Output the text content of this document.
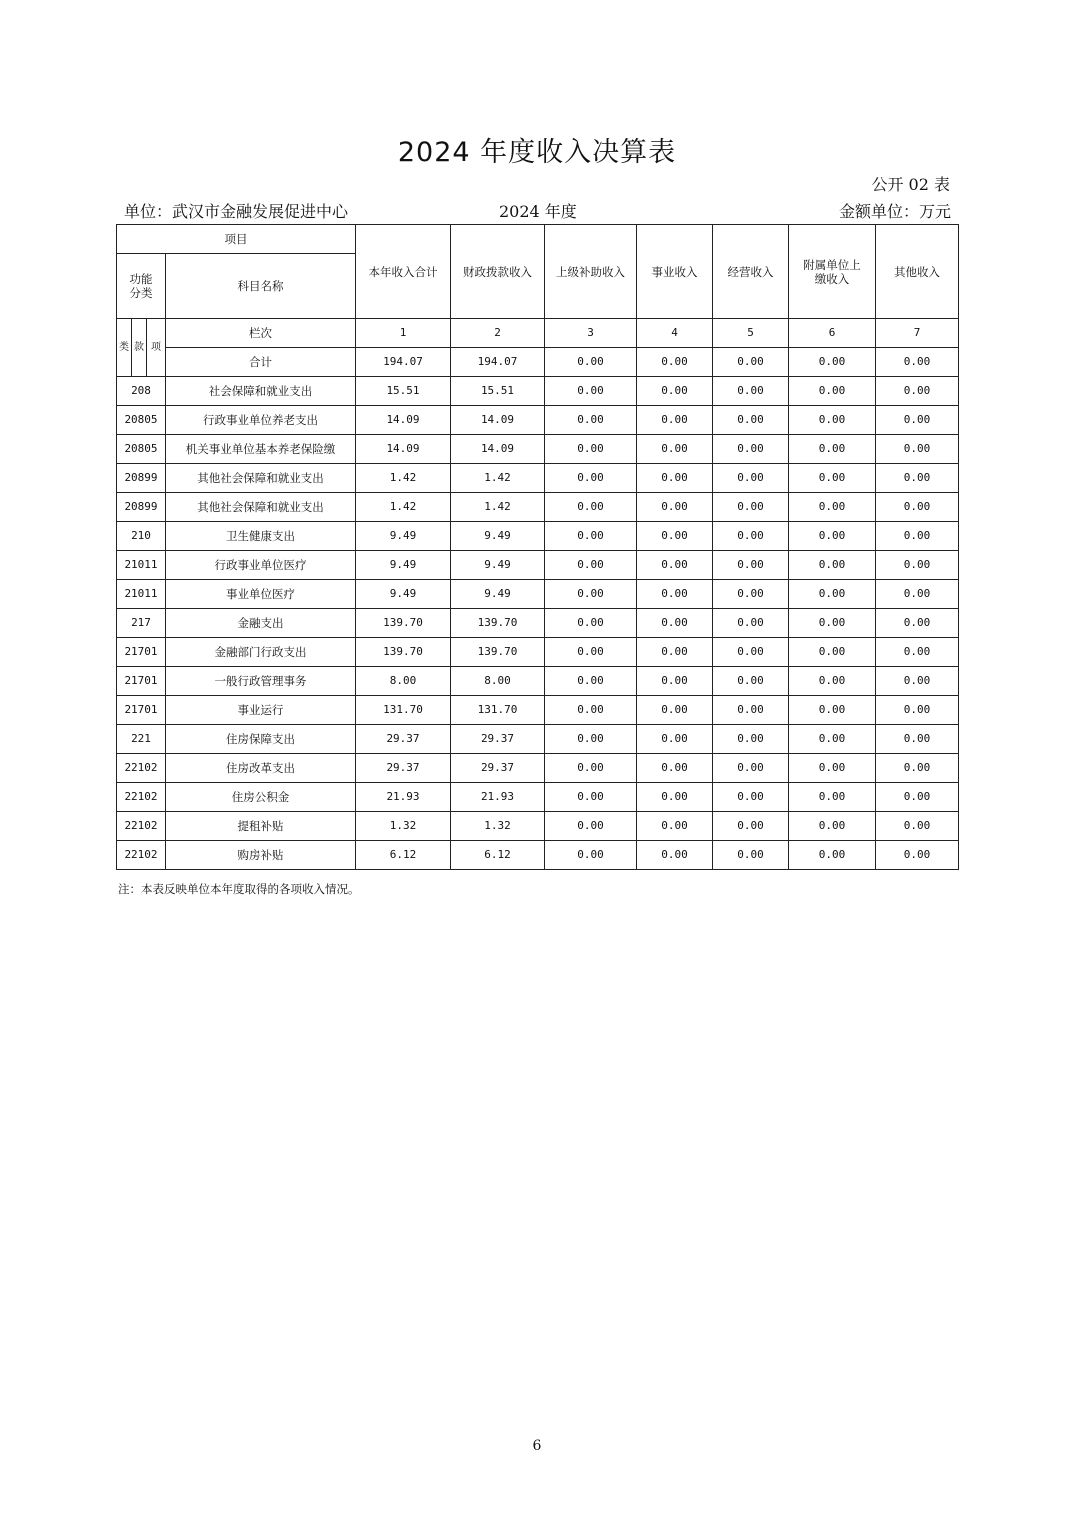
2024 年度收入决算表
公开 02 表
单位：武汉市金融发展促进中心	2024 年度	金额单位：万元
项目				本年收入合计	财政拨款收入	上级补助收入	事业收入	经营收入	附属单位上
缴收入	其他收入

功能
分类			科目名称							
类	款	项	栏次	1	2	3	4	5	6	7
			合计	194.07	194.07	0.00	0.00	0.00	0.00	0.00
208			社会保障和就业支出	15.51	15.51	0.00	0.00	0.00	0.00	0.00
20805			行政事业单位养老支出	14.09	14.09	0.00	0.00	0.00	0.00	0.00
20805			机关事业单位基本养老保险缴	14.09	14.09	0.00	0.00	0.00	0.00	0.00
20899			其他社会保障和就业支出	1.42	1.42	0.00	0.00	0.00	0.00	0.00
20899			其他社会保障和就业支出	1.42	1.42	0.00	0.00	0.00	0.00	0.00
210			卫生健康支出	9.49	9.49	0.00	0.00	0.00	0.00	0.00
21011			行政事业单位医疗	9.49	9.49	0.00	0.00	0.00	0.00	0.00
21011			事业单位医疗	9.49	9.49	0.00	0.00	0.00	0.00	0.00
217			金融支出	139.70	139.70	0.00	0.00	0.00	0.00	0.00
21701			金融部门行政支出	139.70	139.70	0.00	0.00	0.00	0.00	0.00
21701			一般行政管理事务	8.00	8.00	0.00	0.00	0.00	0.00	0.00
21701			事业运行	131.70	131.70	0.00	0.00	0.00	0.00	0.00
221			住房保障支出	29.37	29.37	0.00	0.00	0.00	0.00	0.00
22102			住房改革支出	29.37	29.37	0.00	0.00	0.00	0.00	0.00
22102			住房公积金	21.93	21.93	0.00	0.00	0.00	0.00	0.00
22102			提租补贴	1.32	1.32	0.00	0.00	0.00	0.00	0.00
22102			购房补贴	6.12	6.12	0.00	0.00	0.00	0.00	0.00
注：本表反映单位本年度取得的各项收入情况。
6
